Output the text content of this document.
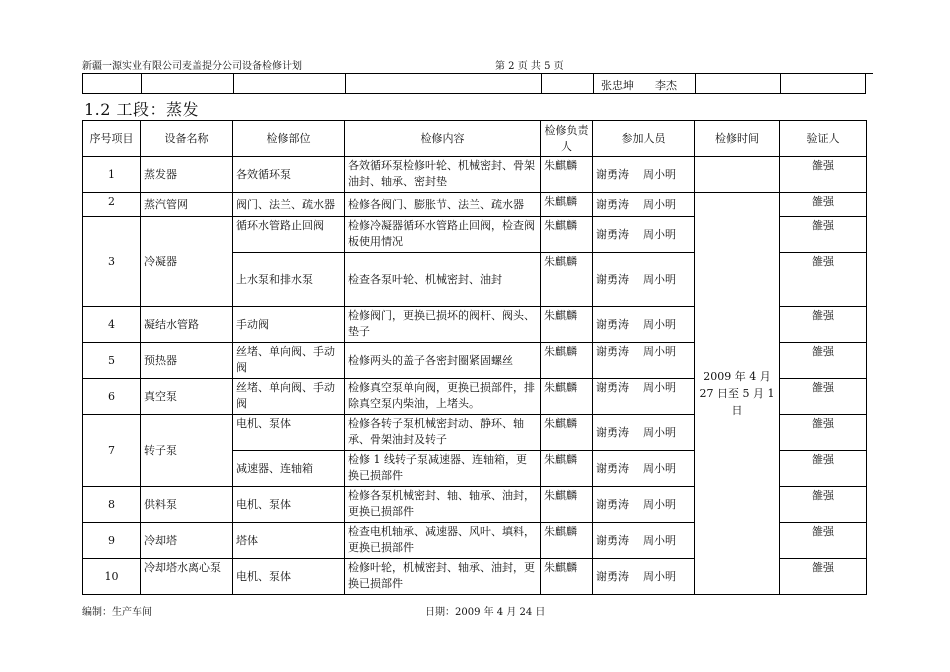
新疆一源实业有限公司麦盖提分公司设备检修计划	第 2 页 共 5 页
张忠坤      李杰
1.2 工段：蒸发
序号项目	设备名称	检修部位	检修内容	检修负责人	参加人员	检修时间	验证人
1	蒸发器	各效循环泵	各效循环泵检修叶轮、机械密封、骨架油封、轴承、密封垫	朱麒麟	谢勇涛    周小明		雒强
2	蒸汽管网	阀门、法兰、疏水器	检修各阀门、膨胀节、法兰、疏水器	朱麒麟	谢勇涛    周小明	2009 年 4 月 27 日至 5 月 1 日	雒强
3	冷凝器	循环水管路止回阀	检修冷凝器循环水管路止回阀，检查阀板使用情况	朱麒麟	谢勇涛    周小明		雒强
		上水泵和排水泵	检查各泵叶轮、机械密封、油封	朱麒麟	谢勇涛    周小明		雒强
4	凝结水管路	手动阀	检修阀门，更换已损坏的阀杆、阀头、垫子	朱麒麟	谢勇涛    周小明		雒强
5	预热器	丝堵、单向阀、手动阀	检修两头的盖子各密封圈紧固螺丝	朱麒麟	谢勇涛    周小明		雒强
6	真空泵	丝堵、单向阀、手动阀	检修真空泵单向阀，更换已损部件，排除真空泵内柴油，上堵头。	朱麒麟	谢勇涛    周小明		雒强
7	转子泵	电机、泵体	检修各转子泵机械密封动、静环、轴承、骨架油封及转子	朱麒麟	谢勇涛    周小明		雒强
		减速器、连轴箱	检修 1 线转子泵减速器、连轴箱，更换已损部件	朱麒麟	谢勇涛    周小明		雒强
8	供料泵	电机、泵体	检修各泵机械密封、轴、轴承、油封，更换已损部件	朱麒麟	谢勇涛    周小明		雒强
9	冷却塔	塔体	检查电机轴承、减速器、风叶、填料，更换已损部件	朱麒麟	谢勇涛    周小明		雒强
10	冷却塔水离心泵	电机、泵体	检修叶轮，机械密封、轴承、油封，更换已损部件	朱麒麟	谢勇涛    周小明		雒强
编制：生产车间	日期：2009 年 4 月 24 日
